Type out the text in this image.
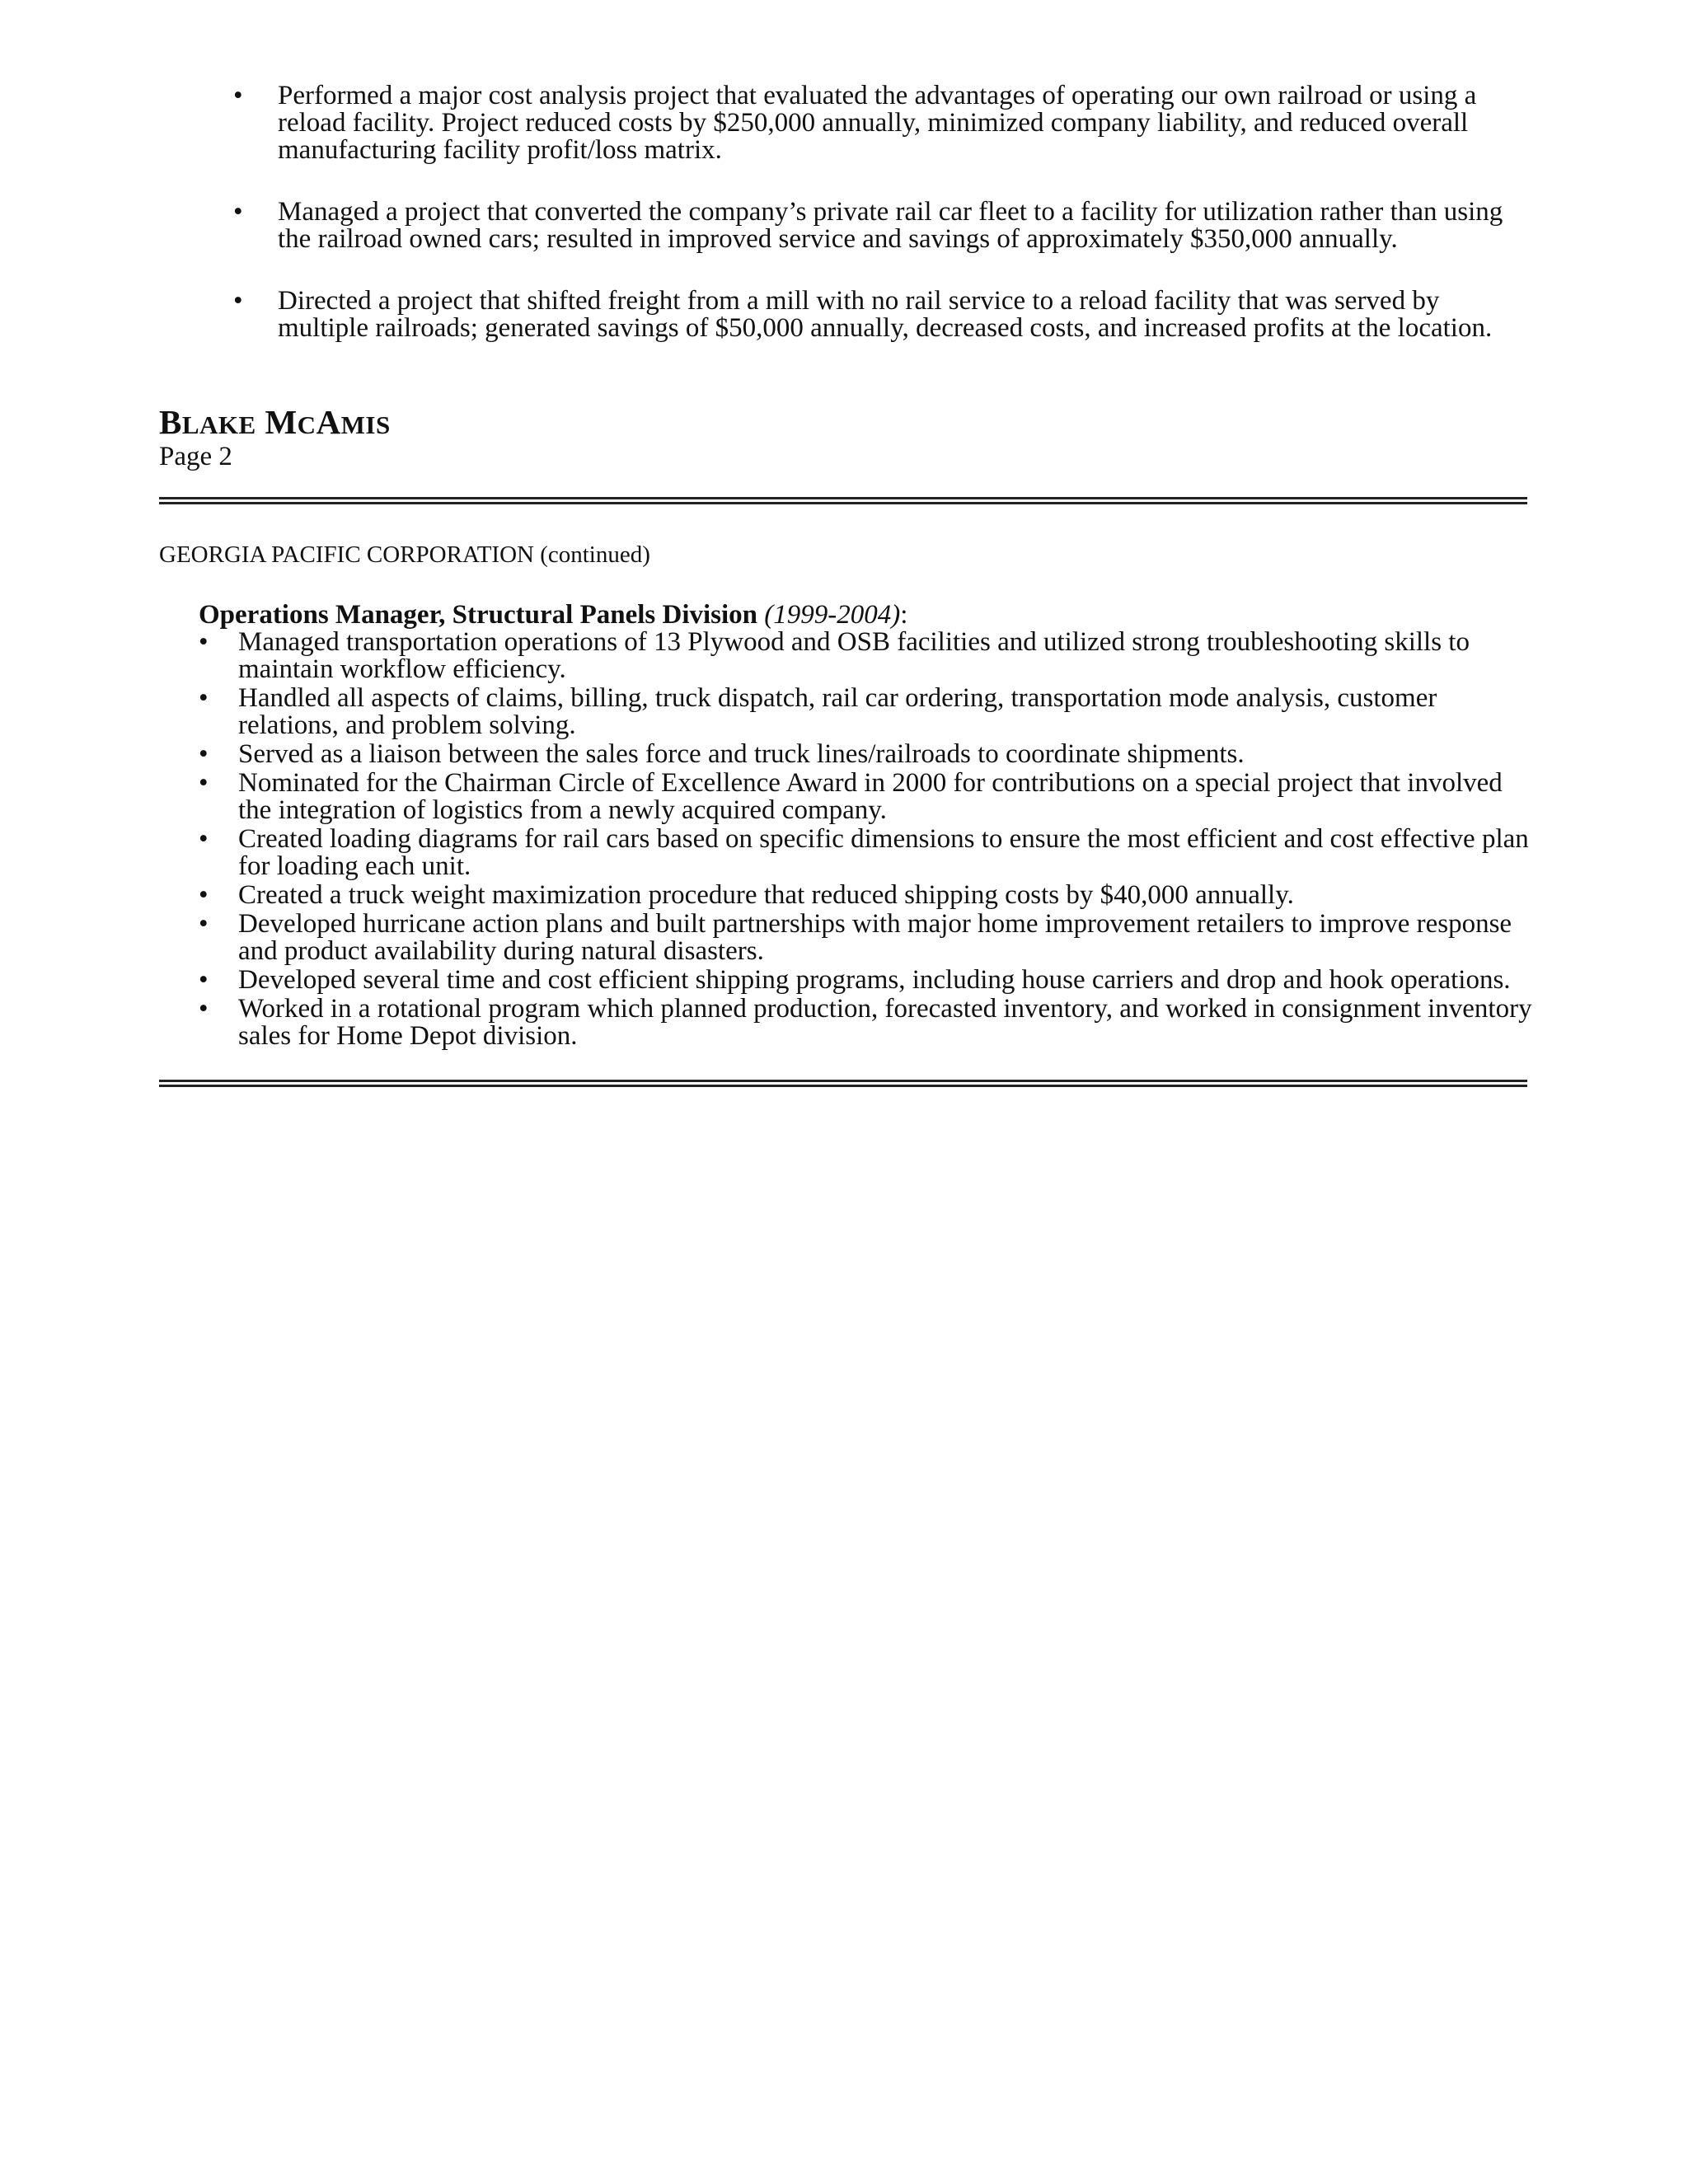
• Performed a major cost analysis project that evaluated the advantages of operating our own railroad or using a reload facility. Project reduced costs by $250,000 annually, minimized company liability, and reduced overall manufacturing facility profit/loss matrix.
• Managed a project that converted the company’s private rail car fleet to a facility for utilization rather than using the railroad owned cars; resulted in improved service and savings of approximately $350,000 annually.
• Directed a project that shifted freight from a mill with no rail service to a reload facility that was served by multiple railroads; generated savings of $50,000 annually, decreased costs, and increased profits at the location.
BLAKE MCAMIS
Page 2
GEORGIA PACIFIC CORPORATION (continued)
Operations Manager, Structural Panels Division (1999-2004):
• Managed transportation operations of 13 Plywood and OSB facilities and utilized strong troubleshooting skills to maintain workflow efficiency.
• Handled all aspects of claims, billing, truck dispatch, rail car ordering, transportation mode analysis, customer relations, and problem solving.
• Served as a liaison between the sales force and truck lines/railroads to coordinate shipments.
• Nominated for the Chairman Circle of Excellence Award in 2000 for contributions on a special project that involved the integration of logistics from a newly acquired company.
• Created loading diagrams for rail cars based on specific dimensions to ensure the most efficient and cost effective plan for loading each unit.
• Created a truck weight maximization procedure that reduced shipping costs by $40,000 annually.
• Developed hurricane action plans and built partnerships with major home improvement retailers to improve response and product availability during natural disasters.
• Developed several time and cost efficient shipping programs, including house carriers and drop and hook operations.
• Worked in a rotational program which planned production, forecasted inventory, and worked in consignment inventory sales for Home Depot division.
